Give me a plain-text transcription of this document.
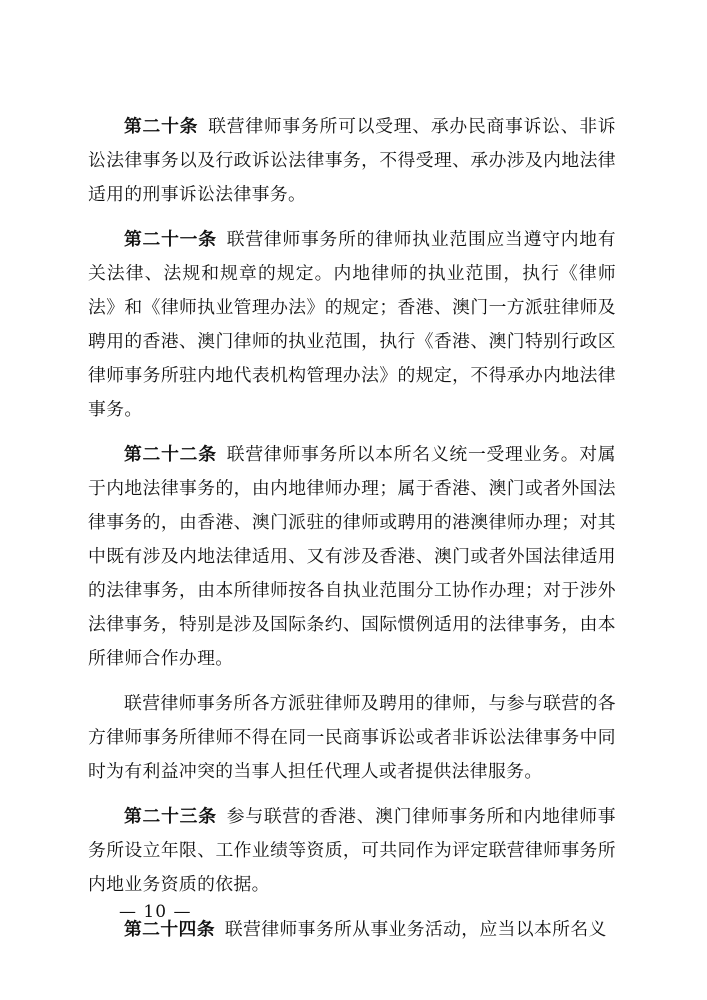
第二十条 联营律师事务所可以受理、承办民商事诉讼、非诉讼法律事务以及行政诉讼法律事务，不得受理、承办涉及内地法律适用的刑事诉讼法律事务。

第二十一条 联营律师事务所的律师执业范围应当遵守内地有关法律、法规和规章的规定。内地律师的执业范围，执行《律师法》和《律师执业管理办法》的规定；香港、澳门一方派驻律师及聘用的香港、澳门律师的执业范围，执行《香港、澳门特别行政区律师事务所驻内地代表机构管理办法》的规定，不得承办内地法律事务。

第二十二条 联营律师事务所以本所名义统一受理业务。对属于内地法律事务的，由内地律师办理；属于香港、澳门或者外国法律事务的，由香港、澳门派驻的律师或聘用的港澳律师办理；对其中既有涉及内地法律适用、又有涉及香港、澳门或者外国法律适用的法律事务，由本所律师按各自执业范围分工协作办理；对于涉外法律事务，特别是涉及国际条约、国际惯例适用的法律事务，由本所律师合作办理。

联营律师事务所各方派驻律师及聘用的律师，与参与联营的各方律师事务所律师不得在同一民商事诉讼或者非诉讼法律事务中同时为有利益冲突的当事人担任代理人或者提供法律服务。

第二十三条 参与联营的香港、澳门律师事务所和内地律师事务所设立年限、工作业绩等资质，可共同作为评定联营律师事务所内地业务资质的依据。

第二十四条 联营律师事务所从事业务活动，应当以本所名义

— 10 —
